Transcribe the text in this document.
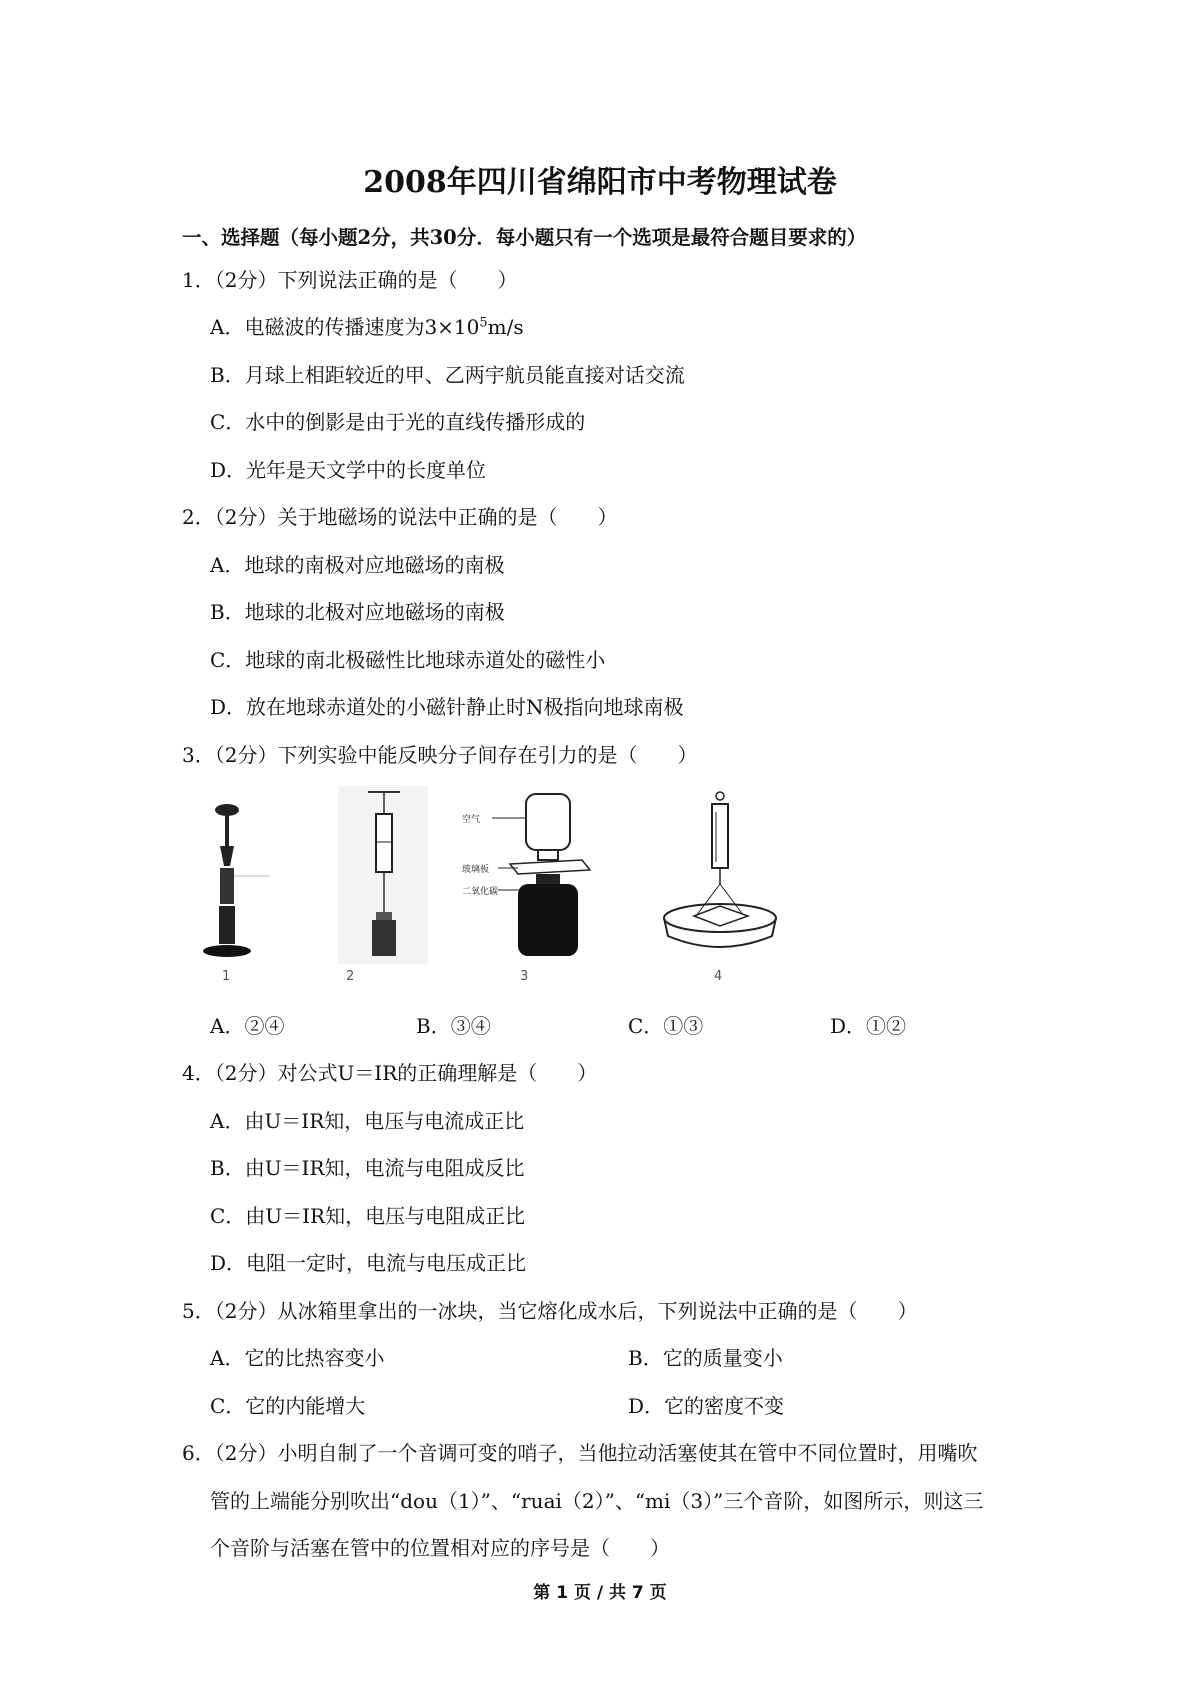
2008年四川省绵阳市中考物理试卷
一、选择题（每小题2分，共30分．每小题只有一个选项是最符合题目要求的）
1．（2分）下列说法正确的是（　　）
A．电磁波的传播速度为$3\times 10^5m/s$
B．月球上相距较近的甲、乙两宇航员能直接对话交流
C．水中的倒影是由于光的直线传播形成的
D．光年是天文学中的长度单位
2．（2分）关于地磁场的说法中正确的是（　　）
A．地球的南极对应地磁场的南极
B．地球的北极对应地磁场的南极
C．地球的南北极磁性比地球赤道处的磁性小
D．放在地球赤道处的小磁针静止时N极指向地球南极
3．（2分）下列实验中能反映分子间存在引力的是（　　）
1	2
空气
玻璃板
二氧化碳
3	4
A．②④	B．③④	C．①③	D．①②
4．（2分）对公式U＝IR的正确理解是（　　）
A．由U＝IR知，电压与电流成正比
B．由U＝IR知，电流与电阻成反比
C．由U＝IR知，电压与电阻成正比
D．电阻一定时，电流与电压成正比
5．（2分）从冰箱里拿出的一冰块，当它熔化成水后，下列说法中正确的是（　　）
A．它的比热容变小	B．它的质量变小
C．它的内能增大	D．它的密度不变
6．（2分）小明自制了一个音调可变的哨子，当他拉动活塞使其在管中不同位置时，用嘴吹
管的上端能分别吹出“dou（1）”、“ruai（2）”、“mi（3）”三个音阶，如图所示，则这三
个音阶与活塞在管中的位置相对应的序号是（　　）
第 1 页 / 共 7 页
